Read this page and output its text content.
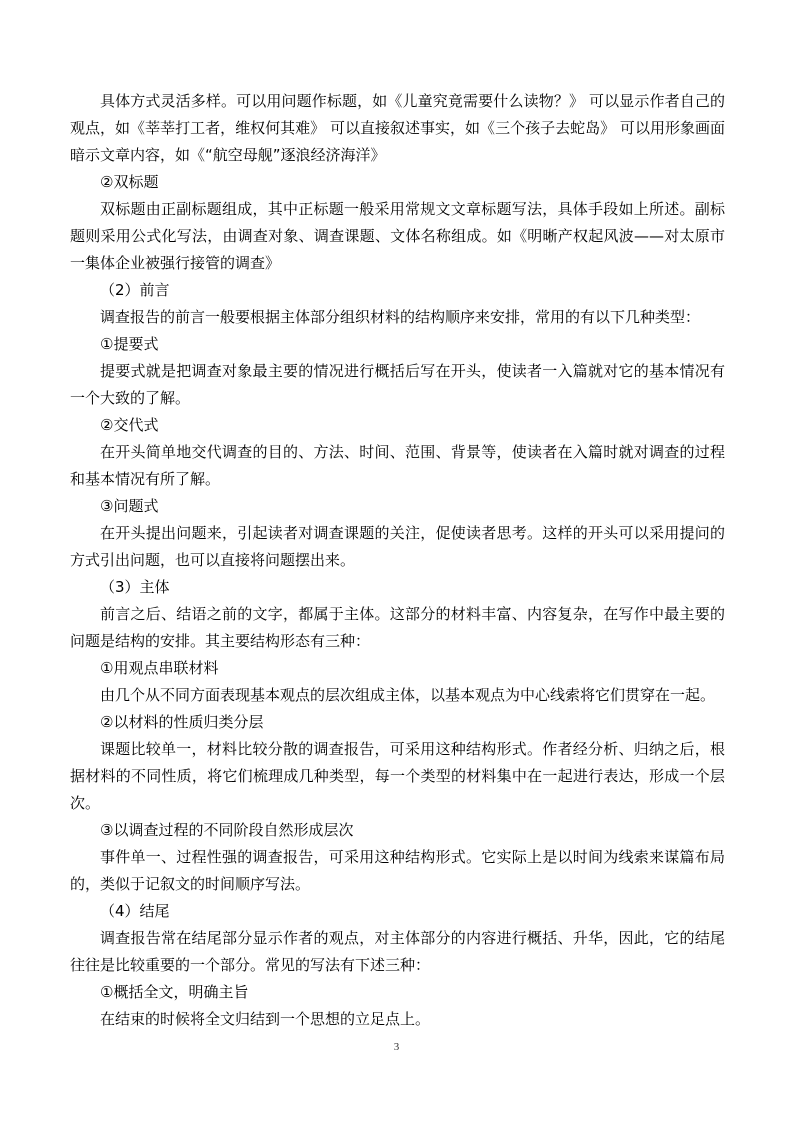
具体方式灵活多样。可以用问题作标题，如《儿童究竟需要什么读物？》 可以显示作者自己的观点，如《莘莘打工者，维权何其难》 可以直接叙述事实，如《三个孩子去蛇岛》 可以用形象画面暗示文章内容，如《“航空母舰”逐浪经济海洋》

②双标题

双标题由正副标题组成，其中正标题一般采用常规文文章标题写法，具体手段如上所述。副标题则采用公式化写法，由调查对象、调查课题、文体名称组成。如《明晰产权起风波——对太原市一集体企业被强行接管的调查》

（2）前言

调查报告的前言一般要根据主体部分组织材料的结构顺序来安排，常用的有以下几种类型：

①提要式

提要式就是把调查对象最主要的情况进行概括后写在开头，使读者一入篇就对它的基本情况有一个大致的了解。

②交代式

在开头简单地交代调查的目的、方法、时间、范围、背景等，使读者在入篇时就对调查的过程和基本情况有所了解。

③问题式

在开头提出问题来，引起读者对调查课题的关注，促使读者思考。这样的开头可以采用提问的方式引出问题，也可以直接将问题摆出来。

（3）主体

前言之后、结语之前的文字，都属于主体。这部分的材料丰富、内容复杂，在写作中最主要的问题是结构的安排。其主要结构形态有三种：

①用观点串联材料

由几个从不同方面表现基本观点的层次组成主体，以基本观点为中心线索将它们贯穿在一起。

②以材料的性质归类分层

课题比较单一，材料比较分散的调查报告，可采用这种结构形式。作者经分析、归纳之后，根据材料的不同性质，将它们梳理成几种类型，每一个类型的材料集中在一起进行表达，形成一个层次。

③以调查过程的不同阶段自然形成层次

事件单一、过程性强的调查报告，可采用这种结构形式。它实际上是以时间为线索来谋篇布局的，类似于记叙文的时间顺序写法。

（4）结尾

调查报告常在结尾部分显示作者的观点，对主体部分的内容进行概括、升华，因此，它的结尾往往是比较重要的一个部分。常见的写法有下述三种：

①概括全文，明确主旨

在结束的时候将全文归结到一个思想的立足点上。

3
